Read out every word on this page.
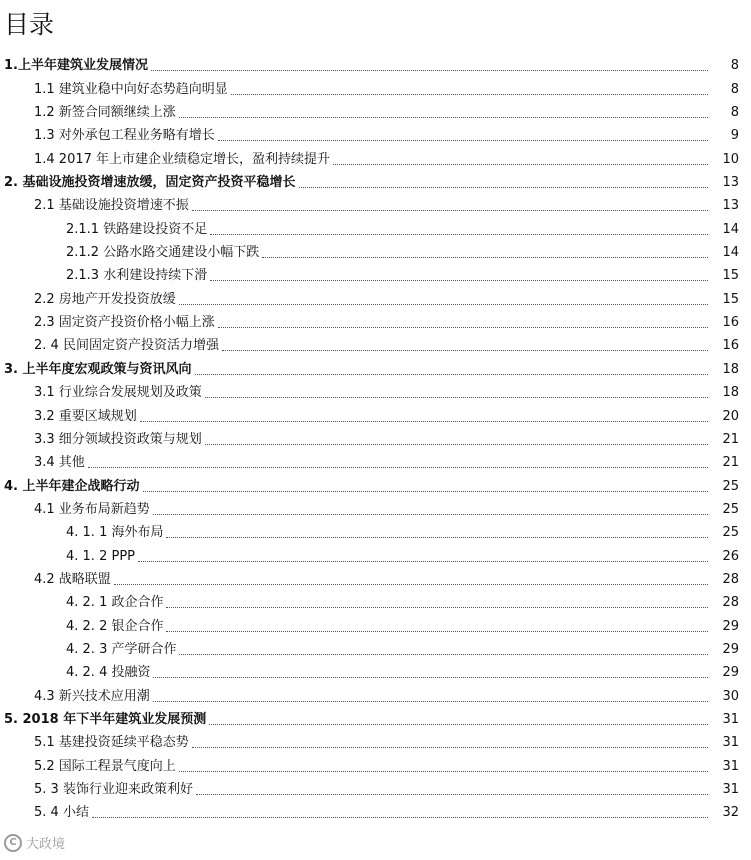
目录
1.上半年建筑业发展情况	8
1.1 建筑业稳中向好态势趋向明显	8
1.2 新签合同额继续上涨	8
1.3 对外承包工程业务略有增长	9
1.4 2017 年上市建企业绩稳定增长，盈利持续提升	10
2. 基础设施投资增速放缓，固定资产投资平稳增长	13
2.1 基础设施投资增速不振	13
2.1.1 铁路建设投资不足	14
2.1.2 公路水路交通建设小幅下跌	14
2.1.3 水利建设持续下滑	15
2.2 房地产开发投资放缓	15
2.3 固定资产投资价格小幅上涨	16
2. 4 民间固定资产投资活力增强	16
3. 上半年度宏观政策与资讯风向	18
3.1 行业综合发展规划及政策	18
3.2 重要区域规划	20
3.3 细分领域投资政策与规划	21
3.4 其他	21
4. 上半年建企战略行动	25
4.1 业务布局新趋势	25
4. 1. 1 海外布局	25
4. 1. 2 PPP	26
4.2 战略联盟	28
4. 2. 1 政企合作	28
4. 2. 2 银企合作	29
4. 2. 3 产学研合作	29
4. 2. 4 投融资	29
4.3 新兴技术应用潮	30
5. 2018 年下半年建筑业发展预测	31
5.1 基建投资延续平稳态势	31
5.2 国际工程景气度向上	31
5. 3 装饰行业迎来政策利好	31
5. 4 小结	32
C 大政境
